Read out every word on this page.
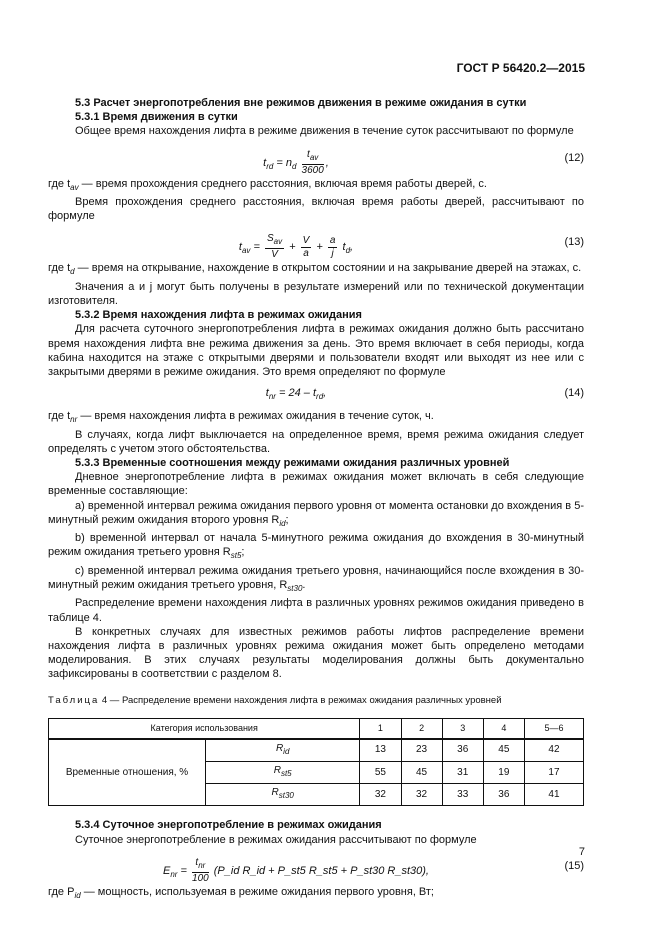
ГОСТ Р 56420.2—2015

5.3 Расчет энергопотребления вне режимов движения в режиме ожидания в сутки

5.3.1 Время движения в сутки

Общее время нахождения лифта в режиме движения в течение суток рассчитывают по формуле

$t_{rd} = n_d \frac{t_{av}}{3600}$ ,	(12)

где $t_{av}$ — время прохождения среднего расстояния, включая время работы дверей, с.

Время прохождения среднего расстояния, включая время работы дверей, рассчитывают по формуле

$t_{av} = \frac{S_{av}}{V} + \frac{V}{a} + \frac{a}{j} t_d$,	(13)

где $t_d$ — время на открывание, нахождение в открытом состоянии и на закрывание дверей на этажах, с.

Значения a и j могут быть получены в результате измерений или по технической документации изготовителя.

5.3.2 Время нахождения лифта в режимах ожидания

Для расчета суточного энергопотребления лифта в режимах ожидания должно быть рассчитано время нахождения лифта вне режима движения за день. Это время включает в себя периоды, когда кабина находится на этаже с открытыми дверями и пользователи входят или выходят из нее или с закрытыми дверями в режиме ожидания. Это время определяют по формуле

$t_{nr} = 24 - t_{rd}$,	(14)

где $t_{nr}$ — время нахождения лифта в режимах ожидания в течение суток, ч.

В случаях, когда лифт выключается на определенное время, время режима ожидания следует определять с учетом этого обстоятельства.

5.3.3 Временные соотношения между режимами ожидания различных уровней

Дневное энергопотребление лифта в режимах ожидания может включать в себя следующие временные составляющие:

а) временной интервал режима ожидания первого уровня от момента остановки до вхождения в 5-минутный режим ожидания второго уровня $R_{id}$;

b) временной интервал от начала 5-минутного режима ожидания до вхождения в 30-минутный режим ожидания третьего уровня $R_{st5}$;

с) временной интервал режима ожидания третьего уровня, начинающийся после вхождения в 30-минутный режим ожидания третьего уровня, $R_{st30}$.

Распределение времени нахождения лифта в различных уровнях режимов ожидания приведено в таблице 4.

В конкретных случаях для известных режимов работы лифтов распределение времени нахождения лифта в различных уровнях режима ожидания может быть определено методами моделирования. В этих случаях результаты моделирования должны быть документально зафиксированы в соответствии с разделом 8.

Таблица 4 — Распределение времени нахождения лифта в режимах ожидания различных уровней

Категория использования		1	2	3	4	5—6
Временные отношения, %	$R_{id}$	13	23	36	45	42
	$R_{st5}$	55	45	31	19	17
	$R_{st30}$	32	32	33	36	41

5.3.4 Суточное энергопотребление в режимах ожидания

Суточное энергопотребление в режимах ожидания рассчитывают по формуле

$E_{nr} = \frac{t_{nr}}{100}$ (P_id R_id + P_st5 R_st5 + P_st30 R_st30),	(15)

где $P_{id}$ — мощность, используемая в режиме ожидания первого уровня, Вт;

7
